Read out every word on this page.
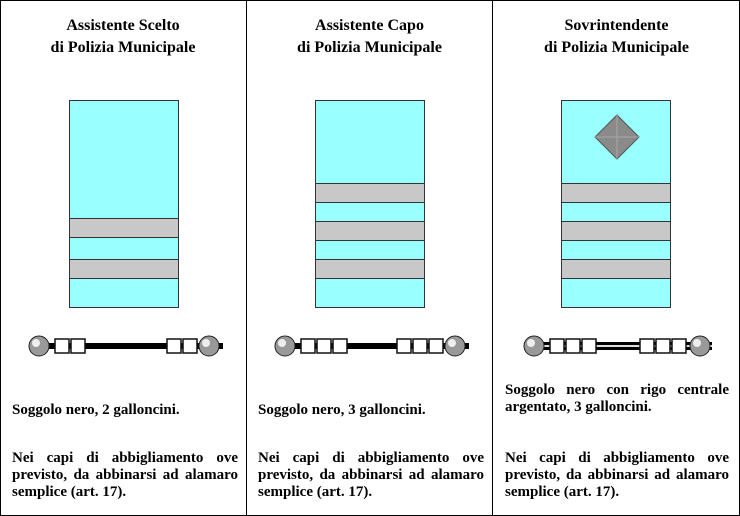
Assistente Scelto
di Polizia Municipale

Soggolo nero, 2 galloncini.

Nei capi di abbigliamento ove previsto, da abbinarsi ad alamaro semplice (art. 17).

Assistente Capo
di Polizia Municipale

Soggolo nero, 3 galloncini.

Nei capi di abbigliamento ove previsto, da abbinarsi ad alamaro semplice (art. 17).

Sovrintendente
di Polizia Municipale

Soggolo nero con rigo centrale argentato, 3 galloncini.

Nei capi di abbigliamento ove previsto, da abbinarsi ad alamaro semplice (art. 17).
